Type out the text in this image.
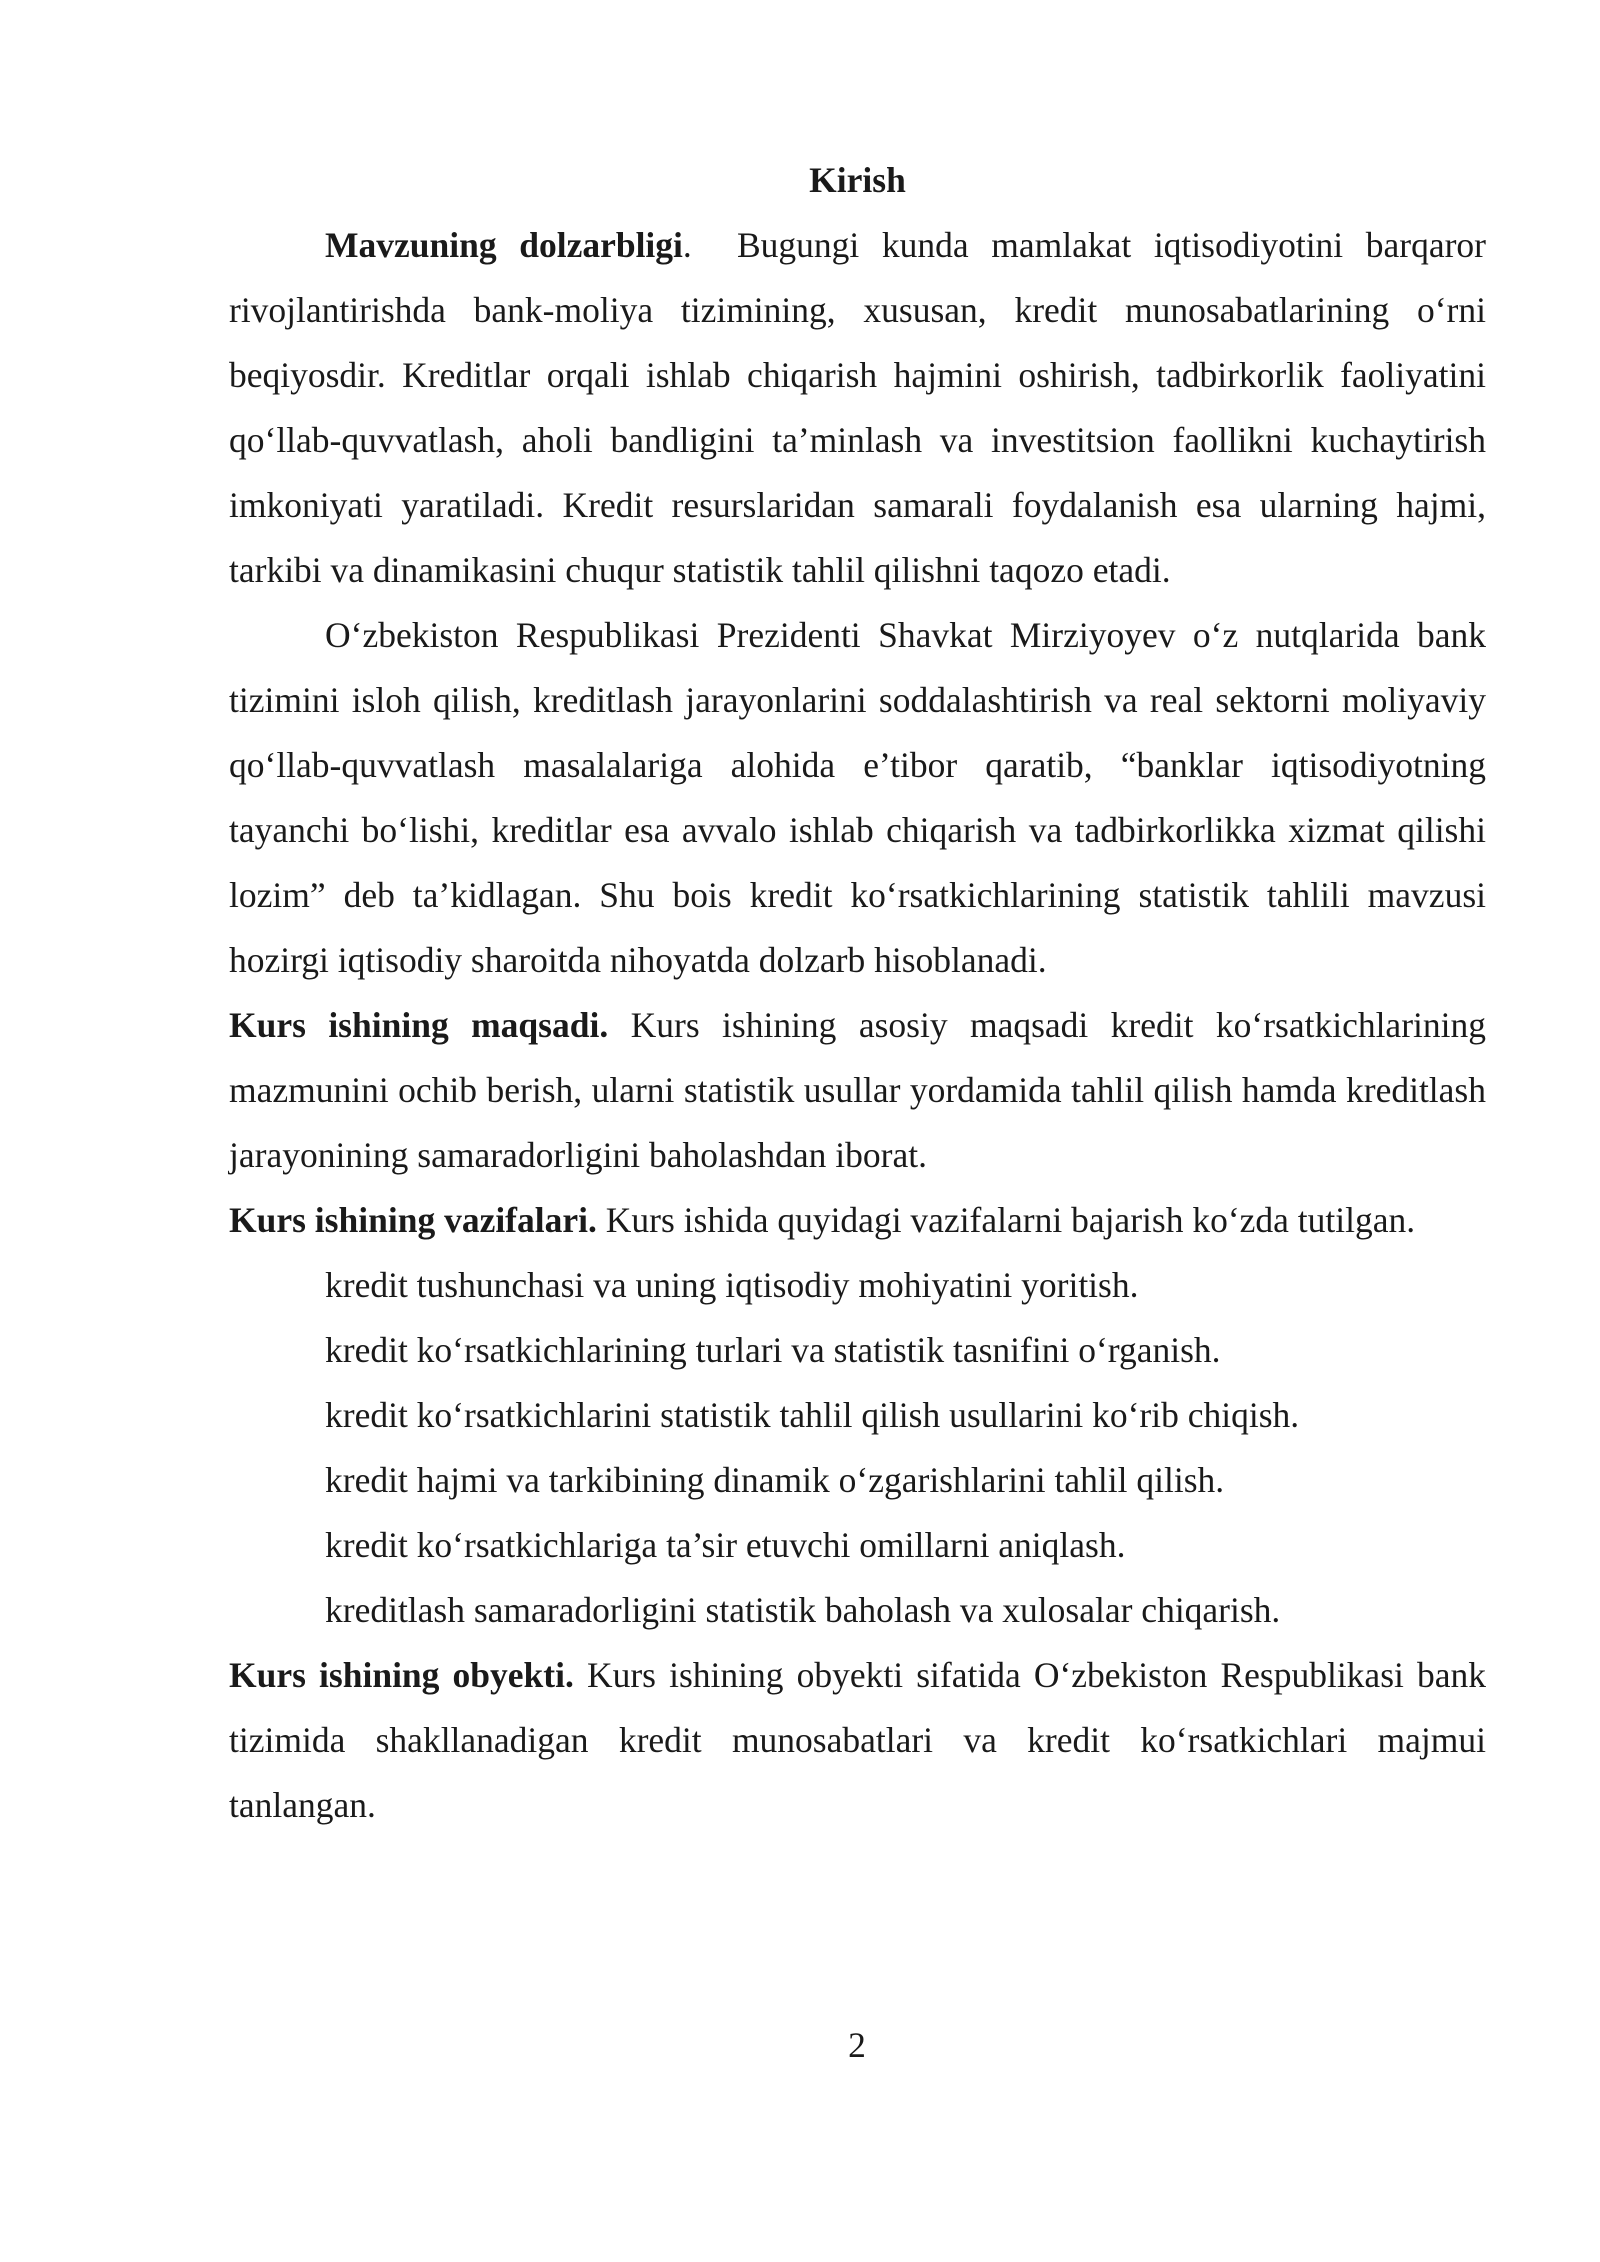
Kirish

Mavzuning dolzarbligi.  Bugungi kunda mamlakat iqtisodiyotini barqaror rivojlantirishda bank-moliya tizimining, xususan, kredit munosabatlarining o‘rni beqiyosdir. Kreditlar orqali ishlab chiqarish hajmini oshirish, tadbirkorlik faoliyatini qo‘llab-quvvatlash, aholi bandligini ta’minlash va investitsion faollikni kuchaytirish imkoniyati yaratiladi. Kredit resurslaridan samarali foydalanish esa ularning hajmi, tarkibi va dinamikasini chuqur statistik tahlil qilishni taqozo etadi.

O‘zbekiston Respublikasi Prezidenti Shavkat Mirziyoyev o‘z nutqlarida bank tizimini isloh qilish, kreditlash jarayonlarini soddalashtirish va real sektorni moliyaviy qo‘llab-quvvatlash masalalariga alohida e’tibor qaratib, “banklar iqtisodiyotning tayanchi bo‘lishi, kreditlar esa avvalo ishlab chiqarish va tadbirkorlikka xizmat qilishi lozim” deb ta’kidlagan. Shu bois kredit ko‘rsatkichlarining statistik tahlili mavzusi hozirgi iqtisodiy sharoitda nihoyatda dolzarb hisoblanadi.

Kurs ishining maqsadi. Kurs ishining asosiy maqsadi kredit ko‘rsatkichlarining mazmunini ochib berish, ularni statistik usullar yordamida tahlil qilish hamda kreditlash jarayonining samaradorligini baholashdan iborat.

Kurs ishining vazifalari. Kurs ishida quyidagi vazifalarni bajarish ko‘zda tutilgan.

kredit tushunchasi va uning iqtisodiy mohiyatini yoritish.
kredit ko‘rsatkichlarining turlari va statistik tasnifini o‘rganish.
kredit ko‘rsatkichlarini statistik tahlil qilish usullarini ko‘rib chiqish.
kredit hajmi va tarkibining dinamik o‘zgarishlarini tahlil qilish.
kredit ko‘rsatkichlariga ta’sir etuvchi omillarni aniqlash.
kreditlash samaradorligini statistik baholash va xulosalar chiqarish.

Kurs ishining obyekti. Kurs ishining obyekti sifatida O‘zbekiston Respublikasi bank tizimida shakllanadigan kredit munosabatlari va kredit ko‘rsatkichlari majmui tanlangan.

2
